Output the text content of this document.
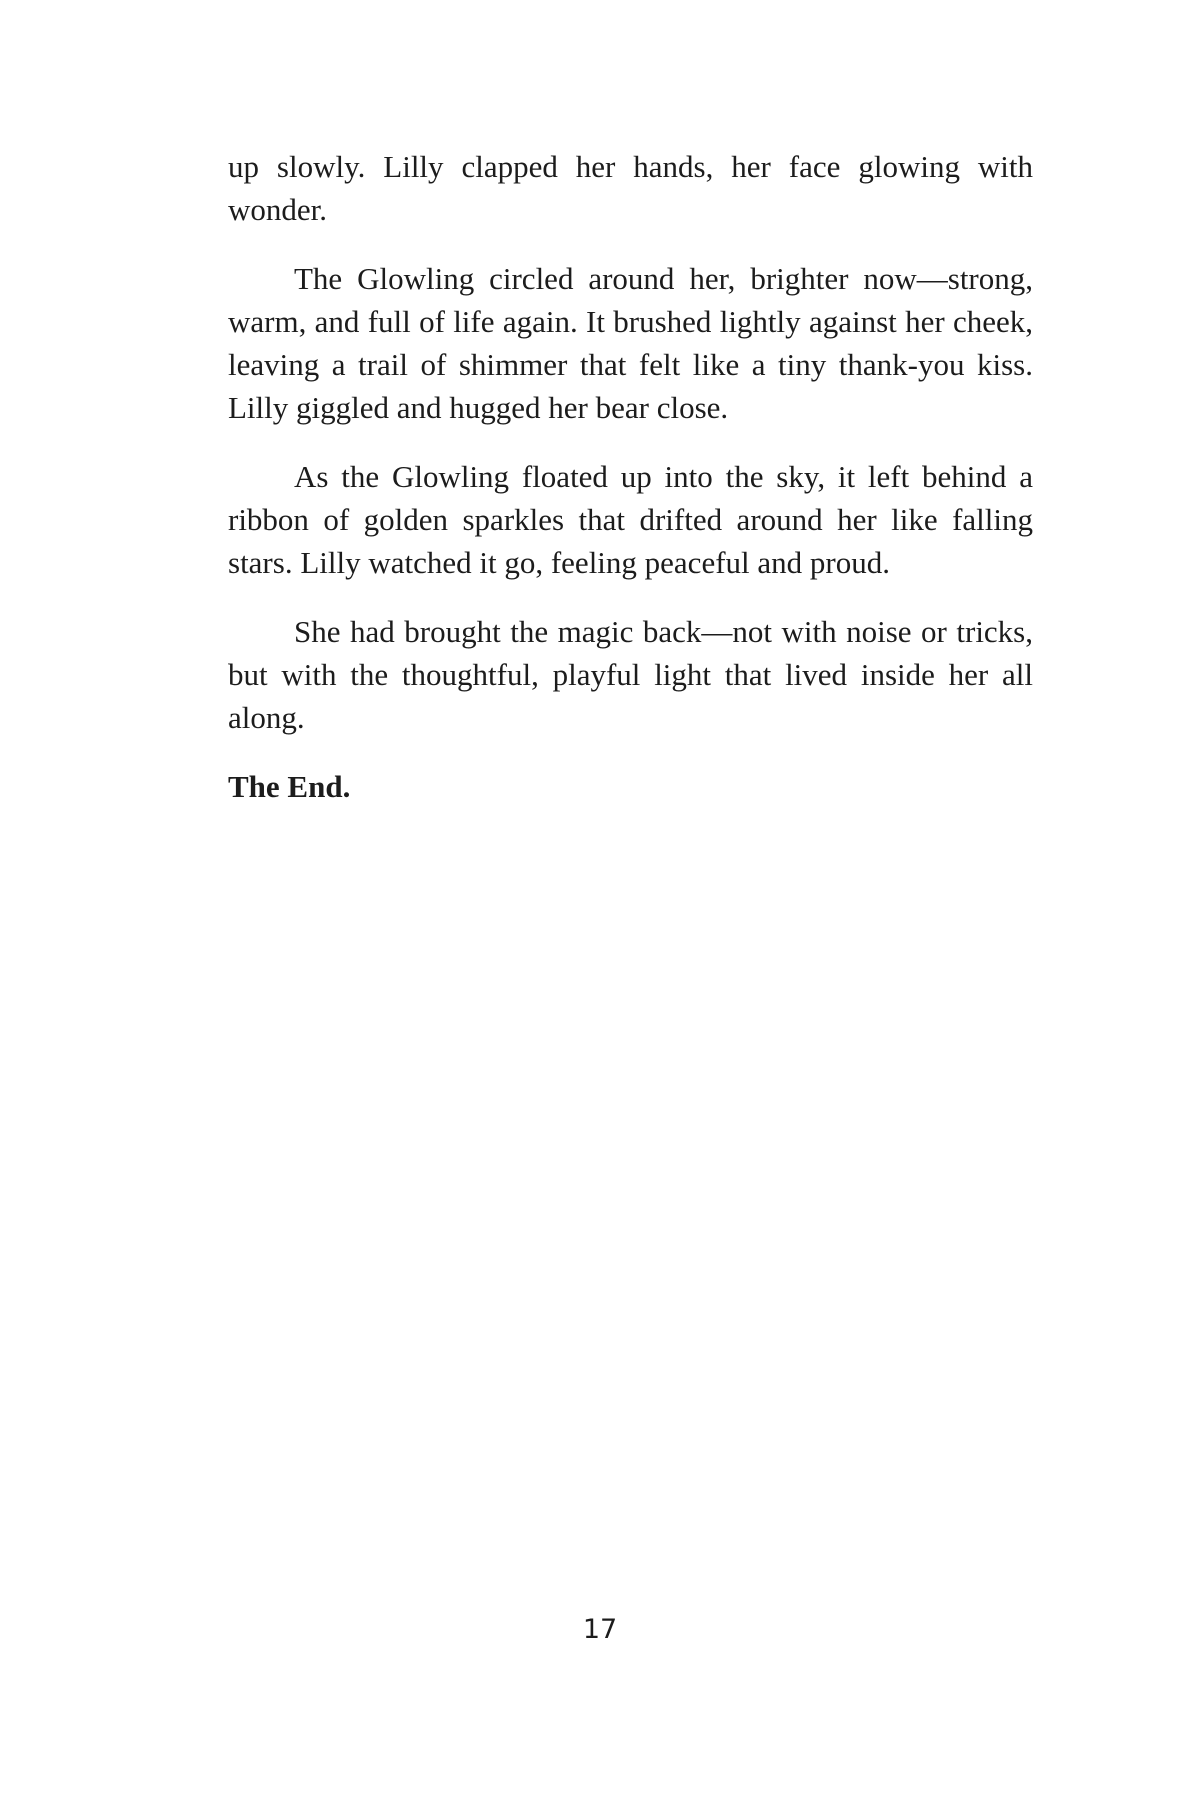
up slowly. Lilly clapped her hands, her face glowing with wonder.

The Glowling circled around her, brighter now—strong, warm, and full of life again. It brushed lightly against her cheek, leaving a trail of shimmer that felt like a tiny thank-you kiss. Lilly giggled and hugged her bear close.

As the Glowling floated up into the sky, it left behind a ribbon of golden sparkles that drifted around her like falling stars. Lilly watched it go, feeling peaceful and proud.

She had brought the magic back—not with noise or tricks, but with the thoughtful, playful light that lived inside her all along.

The End.

17
